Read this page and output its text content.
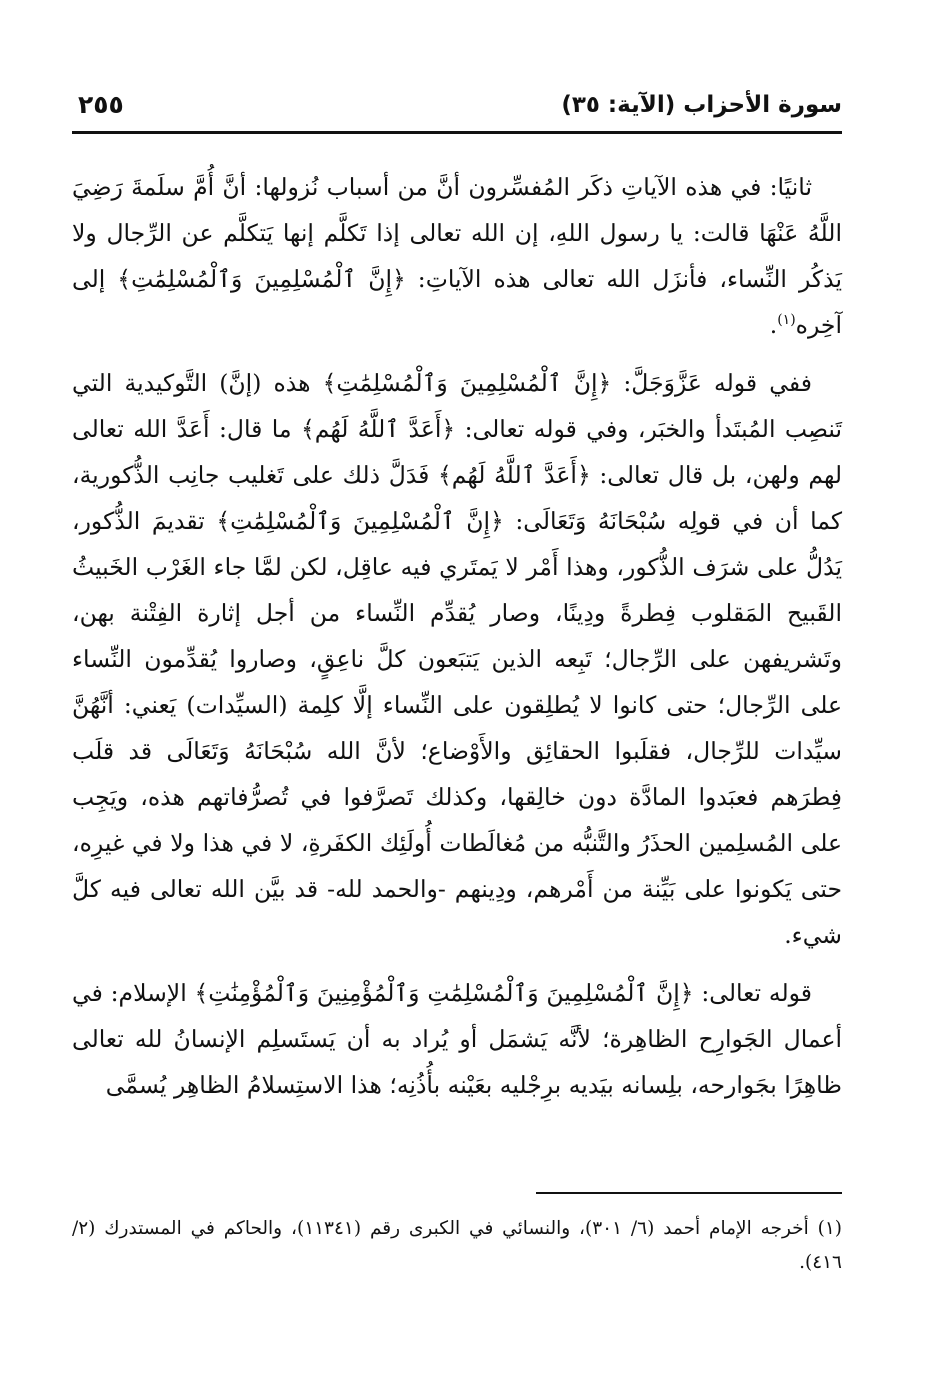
سورة الأحزاب (الآية: ٣٥)
٢٥٥

ثانيًا: في هذه الآياتِ ذكَر المُفسِّرون أنَّ من أسباب نُزولها: أنَّ أُمَّ سلَمةَ رَضِيَ اللَّهُ عَنْهَا قالت: يا رسول اللهِ، إن الله تعالى إذا تَكلَّم إنها يَتكلَّم عن الرِّجال ولا يَذكُر النِّساء، فأنزَل الله تعالى هذه الآياتِ: ﴿إِنَّ ٱلْمُسْلِمِينَ وَٱلْمُسْلِمَٰتِ﴾ إلى آخِره$^{(١)}$.

ففي قوله عَزَّوَجَلَّ: ﴿إِنَّ ٱلْمُسْلِمِينَ وَٱلْمُسْلِمَٰتِ﴾ هذه (إنَّ) التَّوكيدية التي تَنصِب المُبتَدأ والخبَر، وفي قوله تعالى: ﴿أَعَدَّ ٱللَّهُ لَهُم﴾ ما قال: أَعَدَّ الله تعالى لهم ولهن، بل قال تعالى: ﴿أَعَدَّ ٱللَّهُ لَهُم﴾ فَدَلَّ ذلك على تَغليب جانِب الذُّكورية، كما أن في قولِه سُبْحَانَهُ وَتَعَالَى: ﴿إِنَّ ٱلْمُسْلِمِينَ وَٱلْمُسْلِمَٰتِ﴾ تقديمَ الذُّكور، يَدُلُّ على شرَف الذُّكور، وهذا أَمْر لا يَمتَري فيه عاقِل، لكن لمَّا جاء الغَرْب الخَبيثُ القَبيح المَقلوب فِطرةً ودِينًا، وصار يُقدِّم النِّساء من أجل إثارة الفِتْنة بهن، وتَشريفهن على الرِّجال؛ تَبِعه الذين يَتبَعون كلَّ ناعِقٍ، وصاروا يُقدِّمون النِّساء على الرِّجال؛ حتى كانوا لا يُطلِقون على النِّساء إلَّا كلِمة (السيِّدات) يَعني: أنَّهُنَّ سيِّدات للرِّجال، فقلَبوا الحقائِق والأَوْضاع؛ لأنَّ الله سُبْحَانَهُ وَتَعَالَى قد قلَب فِطرَهم فعبَدوا المادَّة دون خالِقها، وكذلك تَصرَّفوا في تُصرُّفاتهم هذه، ويَجِب على المُسلِمين الحذَرُ والتَّنبُّه من مُغالَطات أُولَئِك الكفَرةِ، لا في هذا ولا في غيرِه، حتى يَكونوا على بَيِّنة من أَمْرهم، ودِينهم -والحمد لله- قد بيَّن الله تعالى فيه كلَّ شيء.

قوله تعالى: ﴿إِنَّ ٱلْمُسْلِمِينَ وَٱلْمُسْلِمَٰتِ وَٱلْمُؤْمِنِينَ وَٱلْمُؤْمِنَٰتِ﴾ الإسلام: في أعمال الجَوارِح الظاهِرة؛ لأنَّه يَشمَل أو يُراد به أن يَستَسلِم الإنسانُ لله تعالى ظاهِرًا بجَوارحه، بلِسانه بيَديه برِجْليه بعَيْنه بأُذُنِه؛ هذا الاستِسلامُ الظاهِر يُسمَّى

(١) أخرجه الإمام أحمد (٦/ ٣٠١)، والنسائي في الكبرى رقم (١١٣٤١)، والحاكم في المستدرك (٢/ ٤١٦).
